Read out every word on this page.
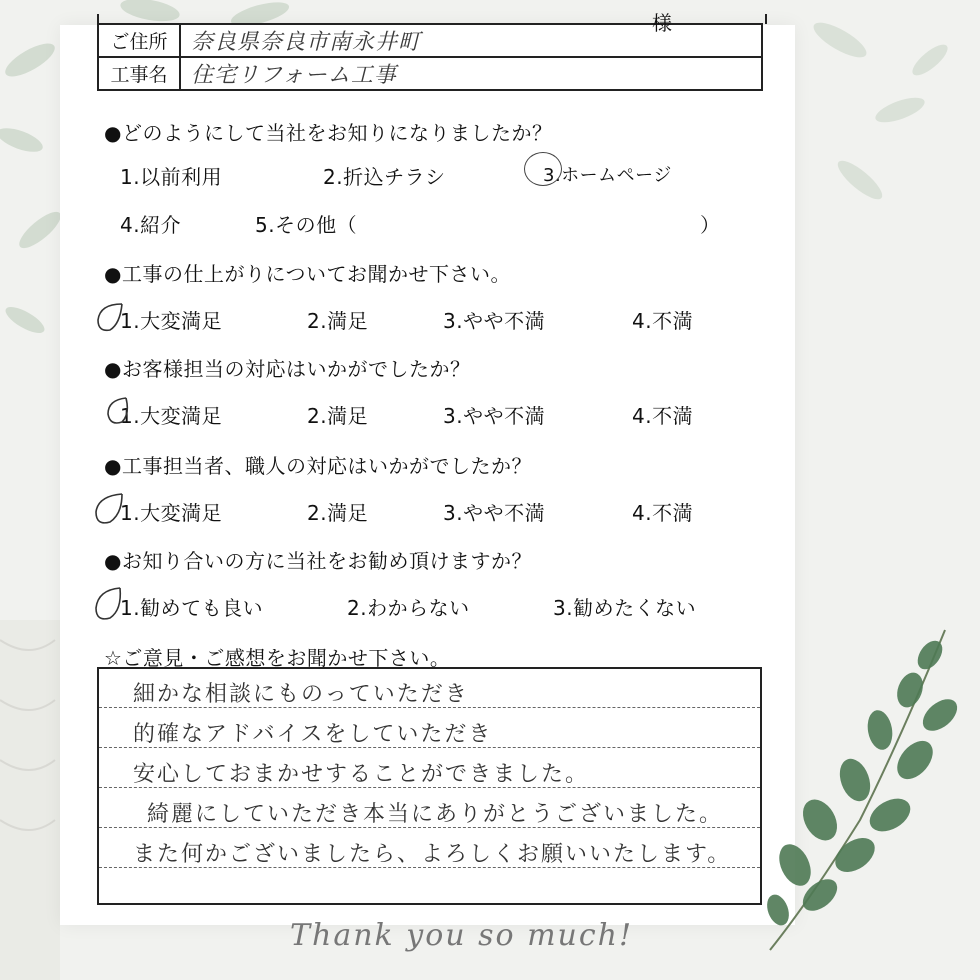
ご住所	奈良県奈良市南永井町
工事名	住宅リフォーム工事
様
●どのようにして当社をお知りになりましたか？
1.以前利用	2.折込チラシ	3.ホームページ
4.紹介	5.その他（	）
●工事の仕上がりについてお聞かせ下さい。
1.大変満足	2.満足	3.やや不満	4.不満
●お客様担当の対応はいかがでしたか？
1.大変満足	2.満足	3.やや不満	4.不満
●工事担当者、職人の対応はいかがでしたか？
1.大変満足	2.満足	3.やや不満	4.不満
●お知り合いの方に当社をお勧め頂けますか？
1.勧めても良い	2.わからない	3.勧めたくない
☆ご意見・ご感想をお聞かせ下さい。
細かな相談にものっていただき
的確なアドバイスをしていただき
安心しておまかせすることができました。
綺麗にしていただき本当にありがとうございました。
また何かございましたら、よろしくお願いいたします。
Thank you so much!
